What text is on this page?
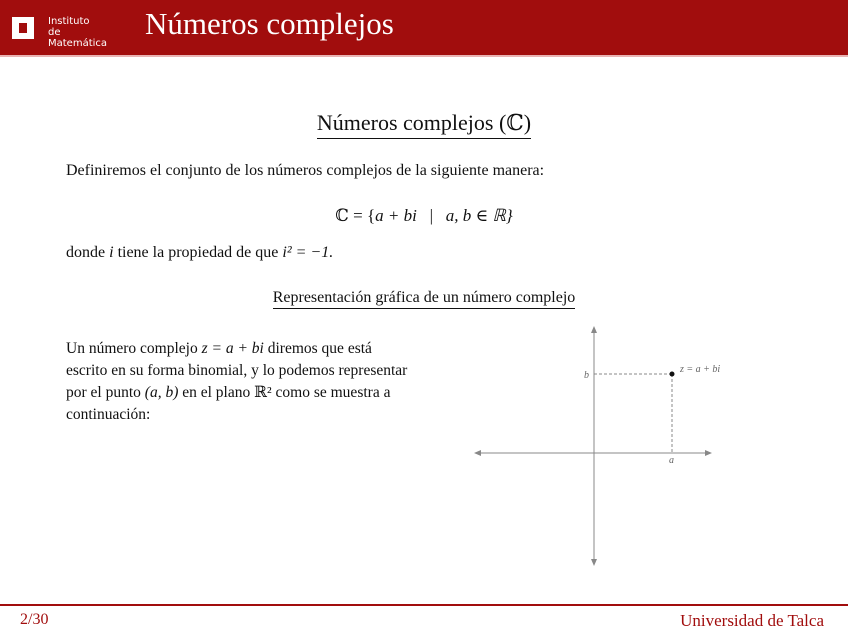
Instituto
de Matemática
Números complejos
Números complejos (ℂ)
Definiremos el conjunto de los números complejos de la siguiente manera:
ℂ = {a + bi | a, b ∈ ℝ}
donde i tiene la propiedad de que i² = −1.
Representación gráfica de un número complejo
Un número complejo z = a + bi diremos que está escrito en su forma binomial, y lo podemos representar por el punto (a, b) en el plano ℝ² como se muestra a continuación:
b
a
z = a + bi
2/30	Universidad de Talca
